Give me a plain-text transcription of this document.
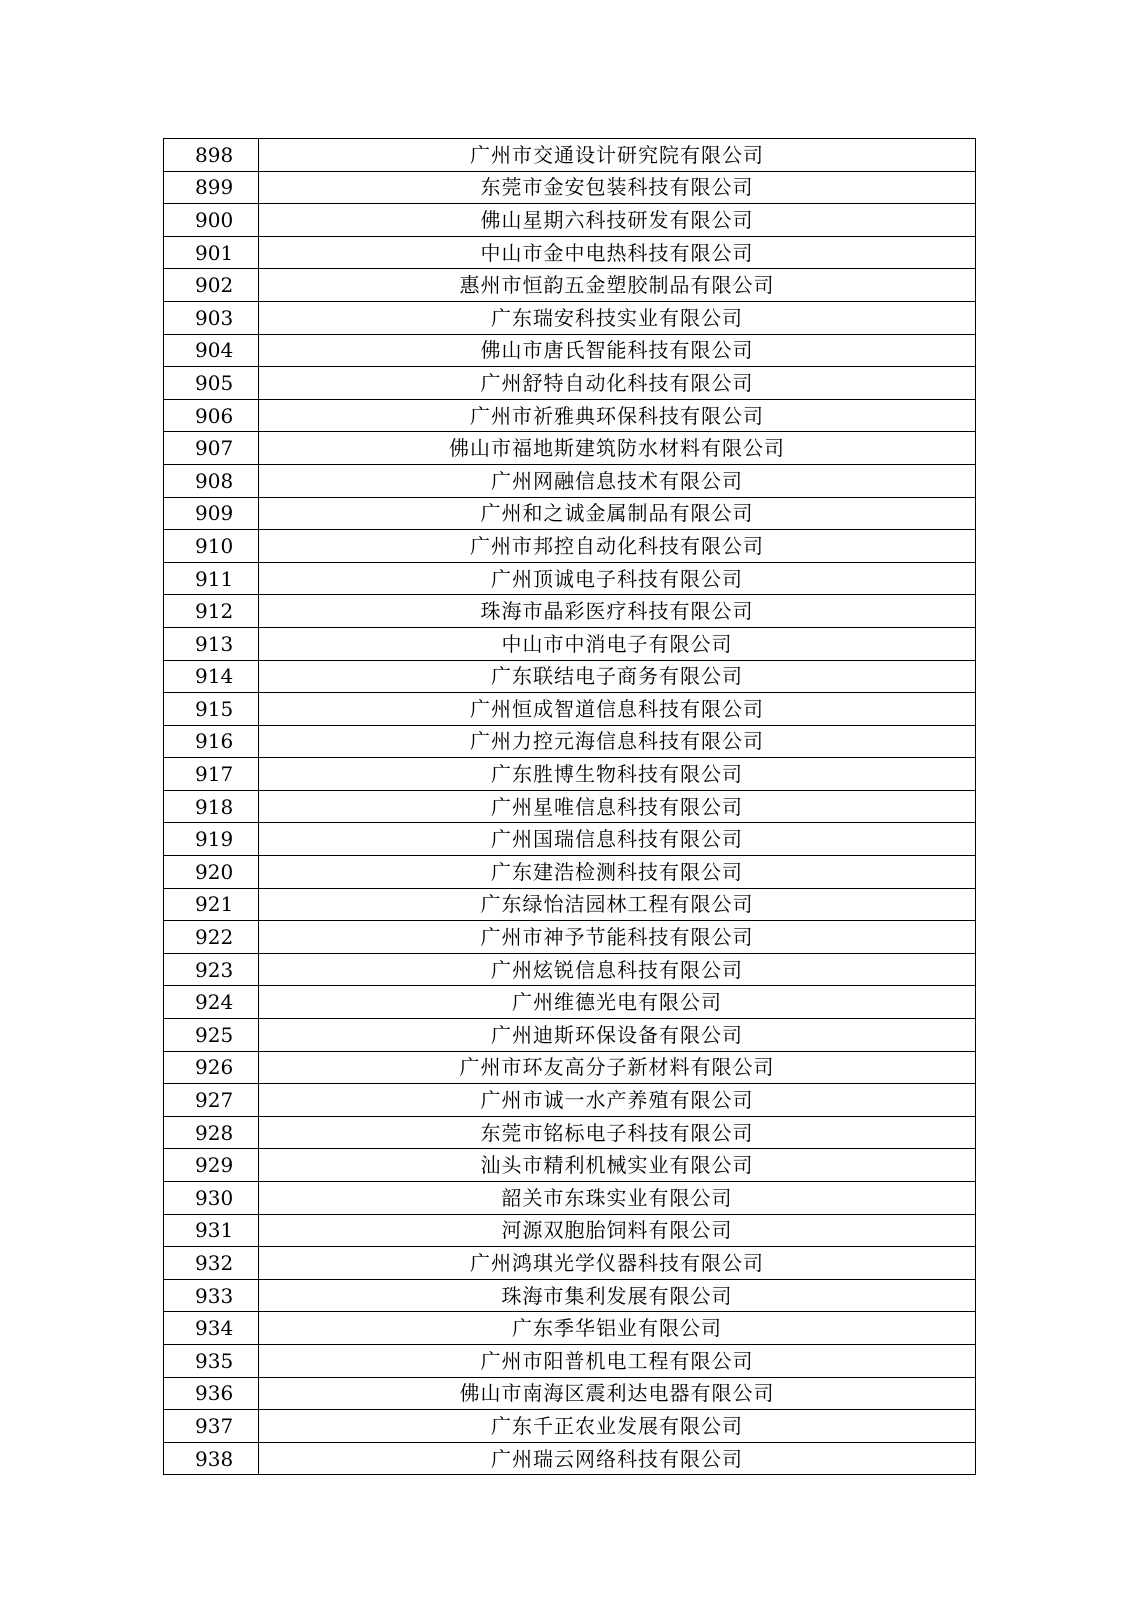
898	广州市交通设计研究院有限公司
899	东莞市金安包装科技有限公司
900	佛山星期六科技研发有限公司
901	中山市金中电热科技有限公司
902	惠州市恒韵五金塑胶制品有限公司
903	广东瑞安科技实业有限公司
904	佛山市唐氏智能科技有限公司
905	广州舒特自动化科技有限公司
906	广州市祈雅典环保科技有限公司
907	佛山市福地斯建筑防水材料有限公司
908	广州网融信息技术有限公司
909	广州和之诚金属制品有限公司
910	广州市邦控自动化科技有限公司
911	广州顶诚电子科技有限公司
912	珠海市晶彩医疗科技有限公司
913	中山市中消电子有限公司
914	广东联结电子商务有限公司
915	广州恒成智道信息科技有限公司
916	广州力控元海信息科技有限公司
917	广东胜博生物科技有限公司
918	广州星唯信息科技有限公司
919	广州国瑞信息科技有限公司
920	广东建浩检测科技有限公司
921	广东绿怡洁园林工程有限公司
922	广州市神予节能科技有限公司
923	广州炫锐信息科技有限公司
924	广州维德光电有限公司
925	广州迪斯环保设备有限公司
926	广州市环友高分子新材料有限公司
927	广州市诚一水产养殖有限公司
928	东莞市铭标电子科技有限公司
929	汕头市精利机械实业有限公司
930	韶关市东珠实业有限公司
931	河源双胞胎饲料有限公司
932	广州鸿琪光学仪器科技有限公司
933	珠海市集利发展有限公司
934	广东季华铝业有限公司
935	广州市阳普机电工程有限公司
936	佛山市南海区震利达电器有限公司
937	广东千正农业发展有限公司
938	广州瑞云网络科技有限公司
